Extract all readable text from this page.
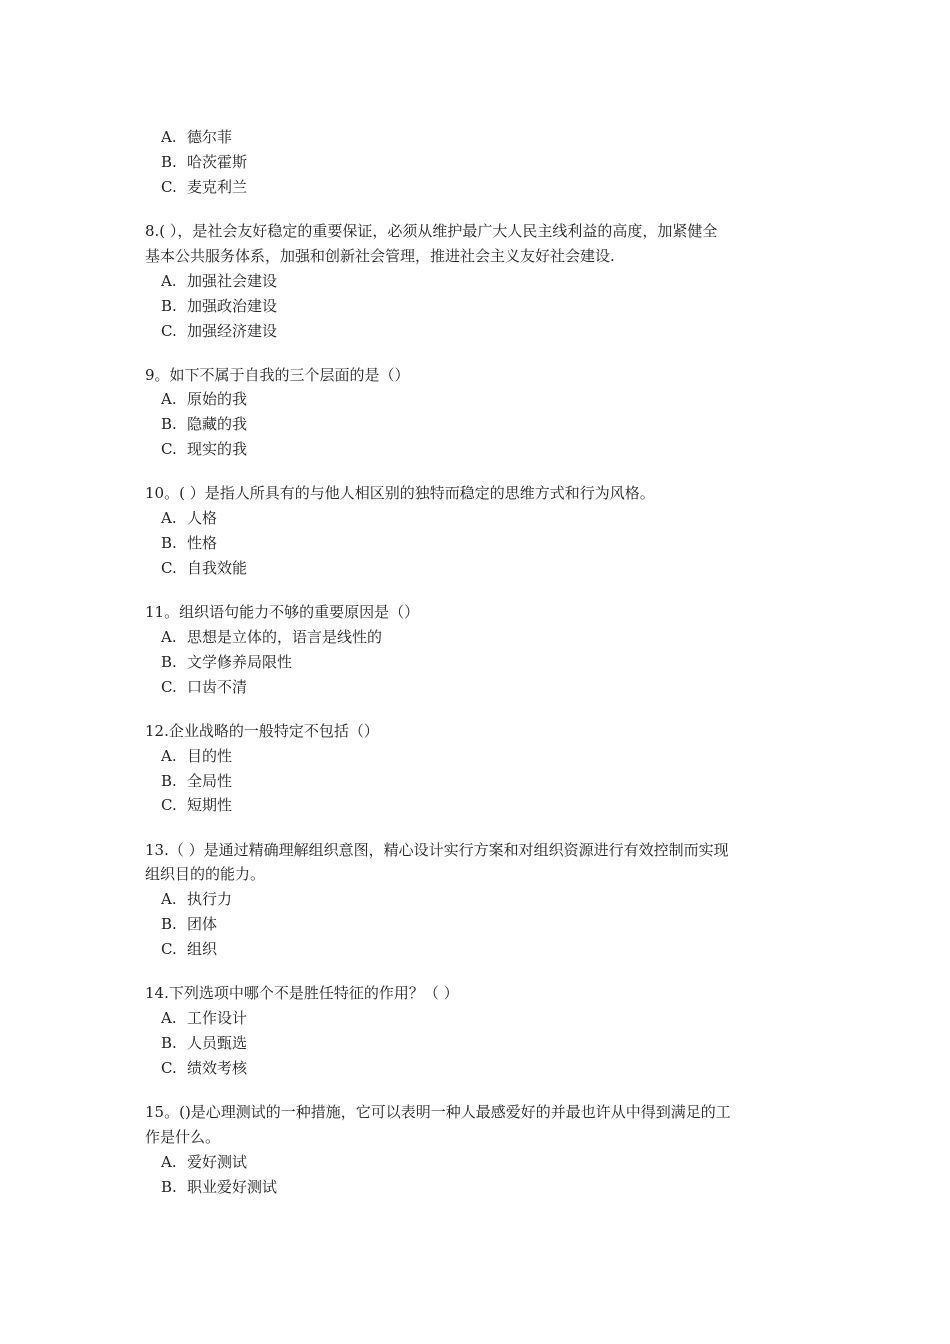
A. 德尔菲
B. 哈茨霍斯
C. 麦克利兰
8.( ），是社会友好稳定的重要保证，必须从维护最广大人民主线利益的高度，加紧健全
基本公共服务体系，加强和创新社会管理，推进社会主义友好社会建设.
A. 加强社会建设
B. 加强政治建设
C. 加强经济建设
9。如下不属于自我的三个层面的是（）
A. 原始的我
B. 隐藏的我
C. 现实的我
10。( ）是指人所具有的与他人相区别的独特而稳定的思维方式和行为风格。
A. 人格
B. 性格
C. 自我效能
11。组织语句能力不够的重要原因是（）
A. 思想是立体的，语言是线性的
B. 文学修养局限性
C. 口齿不清
12.企业战略的一般特定不包括（）
A. 目的性
B. 全局性
C. 短期性
13.（ ）是通过精确理解组织意图，精心设计实行方案和对组织资源进行有效控制而实现
组织目的的能力。
A. 执行力
B. 团体
C. 组织
14.下列选项中哪个不是胜任特征的作用？（ ）
A. 工作设计
B. 人员甄选
C. 绩效考核
15。()是心理测试的一种措施，它可以表明一种人最感爱好的并最也许从中得到满足的工
作是什么。
A. 爱好测试
B. 职业爱好测试
